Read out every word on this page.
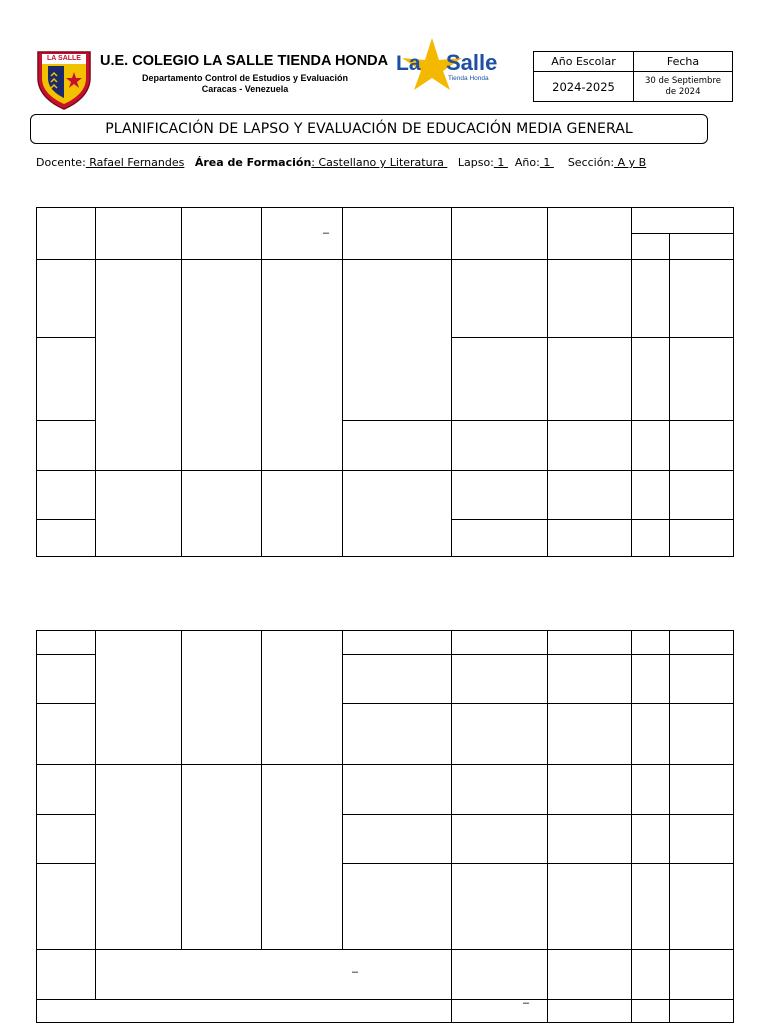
LA SALLE	U.E. COLEGIO LA SALLE TIENDA HONDA
Departamento Control de Estudios y Evaluación
Caracas - Venezuela
La Salle
Tienda Honda
Año Escolar	Fecha
2024-2025	30 de Septiembre
de 2024
PLANIFICACIÓN DE LAPSO Y EVALUACIÓN DE EDUCACIÓN MEDIA GENERAL
Docente: Rafael Fernandes Área de Formación: Castellano y Literatura    Lapso: 1   Año: 1     Sección: A y B
–
–
–
